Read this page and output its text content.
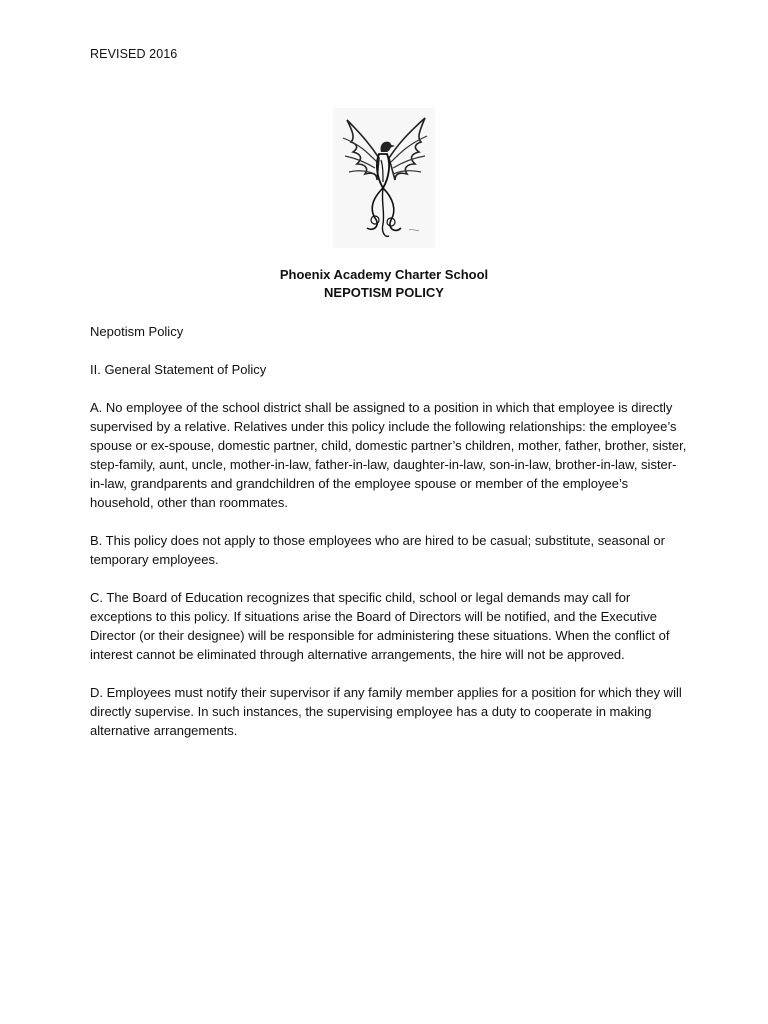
REVISED 2016
Phoenix Academy Charter School
NEPOTISM POLICY

Nepotism Policy

II. General Statement of Policy

A. No employee of the school district shall be assigned to a position in which that employee is directly supervised by a relative. Relatives under this policy include the following relationships: the employee’s spouse or ex-spouse, domestic partner, child, domestic partner’s children, mother, father, brother, sister, step-family, aunt, uncle, mother-in-law, father-in-law, daughter-in-law, son-in-law, brother-in-law, sister-in-law, grandparents and grandchildren of the employee spouse or member of the employee’s household, other than roommates.

B. This policy does not apply to those employees who are hired to be casual; substitute, seasonal or temporary employees.

C. The Board of Education recognizes that specific child, school or legal demands may call for exceptions to this policy. If situations arise the Board of Directors will be notified, and the Executive Director (or their designee) will be responsible for administering these situations. When the conflict of interest cannot be eliminated through alternative arrangements, the hire will not be approved.

D. Employees must notify their supervisor if any family member applies for a position for which they will directly supervise. In such instances, the supervising employee has a duty to cooperate in making alternative arrangements.
